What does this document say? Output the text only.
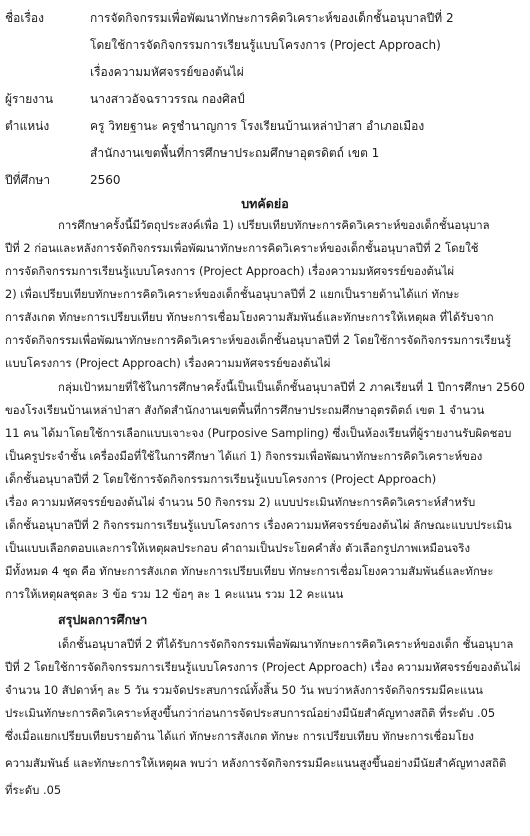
ชื่อเรื่อง	การจัดกิจกรรมเพื่อพัฒนาทักษะการคิดวิเคราะห์ของเด็กชั้นอนุบาลปีที่ 2
โดยใช้การจัดกิจกรรมการเรียนรู้แบบโครงการ (Project Approach)
เรื่องความมหัศจรรย์ของต้นไผ่
ผู้รายงาน	นางสาวอัจฉราวรรณ กองศิลป์
ตำแหน่ง	ครู วิทยฐานะ ครูชำนาญการ โรงเรียนบ้านเหล่าป่าสา อำเภอเมือง
สำนักงานเขตพื้นที่การศึกษาประถมศึกษาอุตรดิตถ์ เขต 1
ปีที่ศึกษา	2560
บทคัดย่อ
การศึกษาครั้งนี้มีวัตถุประสงค์เพื่อ 1) เปรียบเทียบทักษะการคิดวิเคราะห์ของเด็กชั้นอนุบาล
ปีที่ 2 ก่อนและหลังการจัดกิจกรรมเพื่อพัฒนาทักษะการคิดวิเคราะห์ของเด็กชั้นอนุบาลปีที่ 2 โดยใช้
การจัดกิจกรรมการเรียนรู้แบบโครงการ (Project Approach) เรื่องความมหัศจรรย์ของต้นไผ่
2) เพื่อเปรียบเทียบทักษะการคิดวิเคราะห์ของเด็กชั้นอนุบาลปีที่ 2 แยกเป็นรายด้านได้แก่ ทักษะ
การสังเกต ทักษะการเปรียบเทียบ ทักษะการเชื่อมโยงความสัมพันธ์และทักษะการให้เหตุผล ที่ได้รับจาก
การจัดกิจกรรมเพื่อพัฒนาทักษะการคิดวิเคราะห์ของเด็กชั้นอนุบาลปีที่ 2 โดยใช้การจัดกิจกรรมการเรียนรู้
แบบโครงการ (Project Approach) เรื่องความมหัศจรรย์ของต้นไผ่
กลุ่มเป้าหมายที่ใช้ในการศึกษาครั้งนี้เป็นเป็นเด็กชั้นอนุบาลปีที่ 2 ภาคเรียนที่ 1 ปีการศึกษา 2560
ของโรงเรียนบ้านเหล่าป่าสา สังกัดสำนักงานเขตพื้นที่การศึกษาประถมศึกษาอุตรดิตถ์ เขต 1 จำนวน
11 คน ได้มาโดยใช้การเลือกแบบเจาะจง (Purposive Sampling) ซึ่งเป็นห้องเรียนที่ผู้รายงานรับผิดชอบ
เป็นครูประจำชั้น เครื่องมือที่ใช้ในการศึกษา ได้แก่ 1) กิจกรรมเพื่อพัฒนาทักษะการคิดวิเคราะห์ของ
เด็กชั้นอนุบาลปีที่ 2 โดยใช้การจัดกิจกรรมการเรียนรู้แบบโครงการ (Project Approach)
เรื่อง ความมหัศจรรย์ของต้นไผ่ จำนวน 50 กิจกรรม 2) แบบประเมินทักษะการคิดวิเคราะห์สำหรับ
เด็กชั้นอนุบาลปีที่ 2 กิจกรรมการเรียนรู้แบบโครงการ เรื่องความมหัศจรรย์ของต้นไผ่ ลักษณะแบบประเมิน
เป็นแบบเลือกตอบและการให้เหตุผลประกอบ คำถามเป็นประโยคคำสั่ง ตัวเลือกรูปภาพเหมือนจริง
มีทั้งหมด 4 ชุด คือ ทักษะการสังเกต ทักษะการเปรียบเทียบ ทักษะการเชื่อมโยงความสัมพันธ์และทักษะ
การให้เหตุผลชุดละ 3 ข้อ รวม 12 ข้อๆ ละ 1 คะแนน รวม 12 คะแนน
สรุปผลการศึกษา
เด็กชั้นอนุบาลปีที่ 2 ที่ได้รับการจัดกิจกรรมเพื่อพัฒนาทักษะการคิดวิเคราะห์ของเด็ก ชั้นอนุบาล
ปีที่ 2 โดยใช้การจัดกิจกรรมการเรียนรู้แบบโครงการ (Project Approach) เรื่อง ความมหัศจรรย์ของต้นไผ่
จำนวน 10 สัปดาห์ๆ ละ 5 วัน รวมจัดประสบการณ์ทั้งสิ้น 50 วัน พบว่าหลังการจัดกิจกรรมมีคะแนน
ประเมินทักษะการคิดวิเคราะห์สูงขึ้นกว่าก่อนการจัดประสบการณ์อย่างมีนัยสำคัญทางสถิติ ที่ระดับ .05
ซึ่งเมื่อแยกเปรียบเทียบรายด้าน ได้แก่ ทักษะการสังเกต ทักษะ การเปรียบเทียบ ทักษะการเชื่อมโยง
ความสัมพันธ์ และทักษะการให้เหตุผล พบว่า หลังการจัดกิจกรรมมีคะแนนสูงขึ้นอย่างมีนัยสำคัญทางสถิติ
ที่ระดับ .05
